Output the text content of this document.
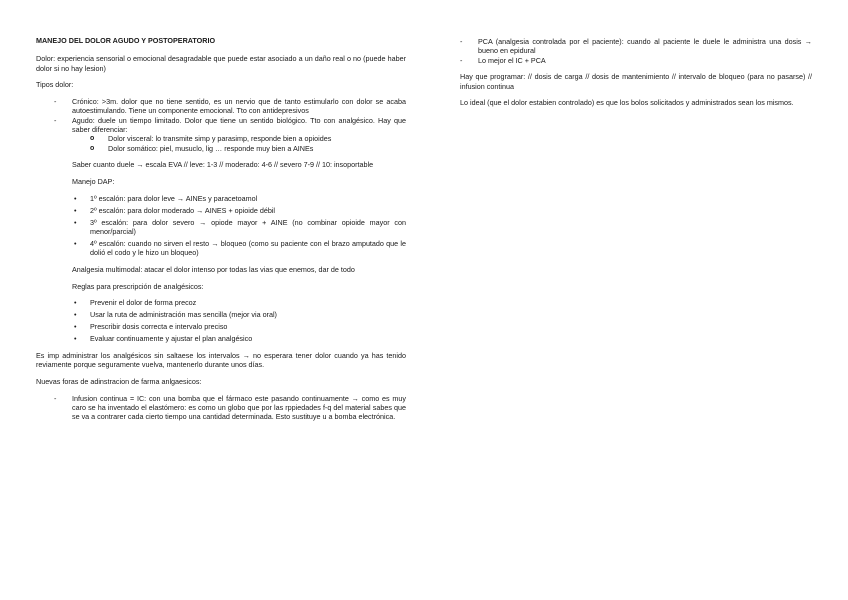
MANEJO DEL DOLOR AGUDO Y POSTOPERATORIO

Dolor: experiencia sensorial o emocional desagradable que puede estar asociado a un daño real o no (puede haber dolor si no hay lesion)

Tipos dolor:

- Crónico: >3m. dolor que no tiene sentido, es un nervio que de tanto estimularlo con dolor se acaba autoestimulando. Tiene un componente emocional. Tto con antidepresivos
- Agudo: duele un tiempo limitado. Dolor que tiene un sentido biológico. Tto con analgésico. Hay que saber diferenciar:
o Dolor visceral: lo transmite simp y parasimp, responde bien a opioides
o Dolor somático: piel, musuclo, lig … responde muy bien a AINEs

Saber cuanto duele → escala EVA // leve: 1-3 // moderado: 4-6 // severo 7-9 // 10: insoportable

Manejo DAP:

• 1º escalón: para dolor leve → AINEs y paracetoamol
• 2º escalón: para dolor moderado → AINES + opioide débil
• 3º escalón: para dolor severo → opiode mayor + AINE (no combinar opioide mayor con menor/parcial)
• 4º escalón: cuando no sirven el resto → bloqueo (como su paciente con el brazo amputado que le dolió el codo y le hizo un bloqueo)

Analgesia multimodal: atacar el dolor intenso por todas las vias que enemos, dar de todo

Reglas para prescripción de analgésicos:

• Prevenir el dolor de forma precoz
• Usar la ruta de administración mas sencilla (mejor via oral)
• Prescribir dosis correcta e intervalo preciso
• Evaluar continuamente y ajustar el plan analgésico

Es imp administrar los analgésicos sin saltaese los intervalos → no esperara tener dolor cuando ya has tenido reviamente porque seguramente vuelva, mantenerlo durante unos días.

Nuevas foras de adinstracion de farma anlgaesicos:

- Infusion continua = IC: con una bomba que el fármaco este pasando continuamente → como es muy caro se ha inventado el elastómero: es como un globo que por las rppiedades f-q del material sabes que se va a contrarer cada cierto tiempo una cantidad determinada. Esto sustituye u a bomba electrónica.
- PCA (analgesia controlada por el paciente): cuando al paciente le duele le administra una dosis → bueno en epidural
- Lo mejor el IC + PCA

Hay que programar: // dosis de carga // dosis de mantenimiento // intervalo de bloqueo (para no pasarse) // infusion continua

Lo ideal (que el dolor estabien controlado) es que los bolos solicitados y administrados sean los mismos.
